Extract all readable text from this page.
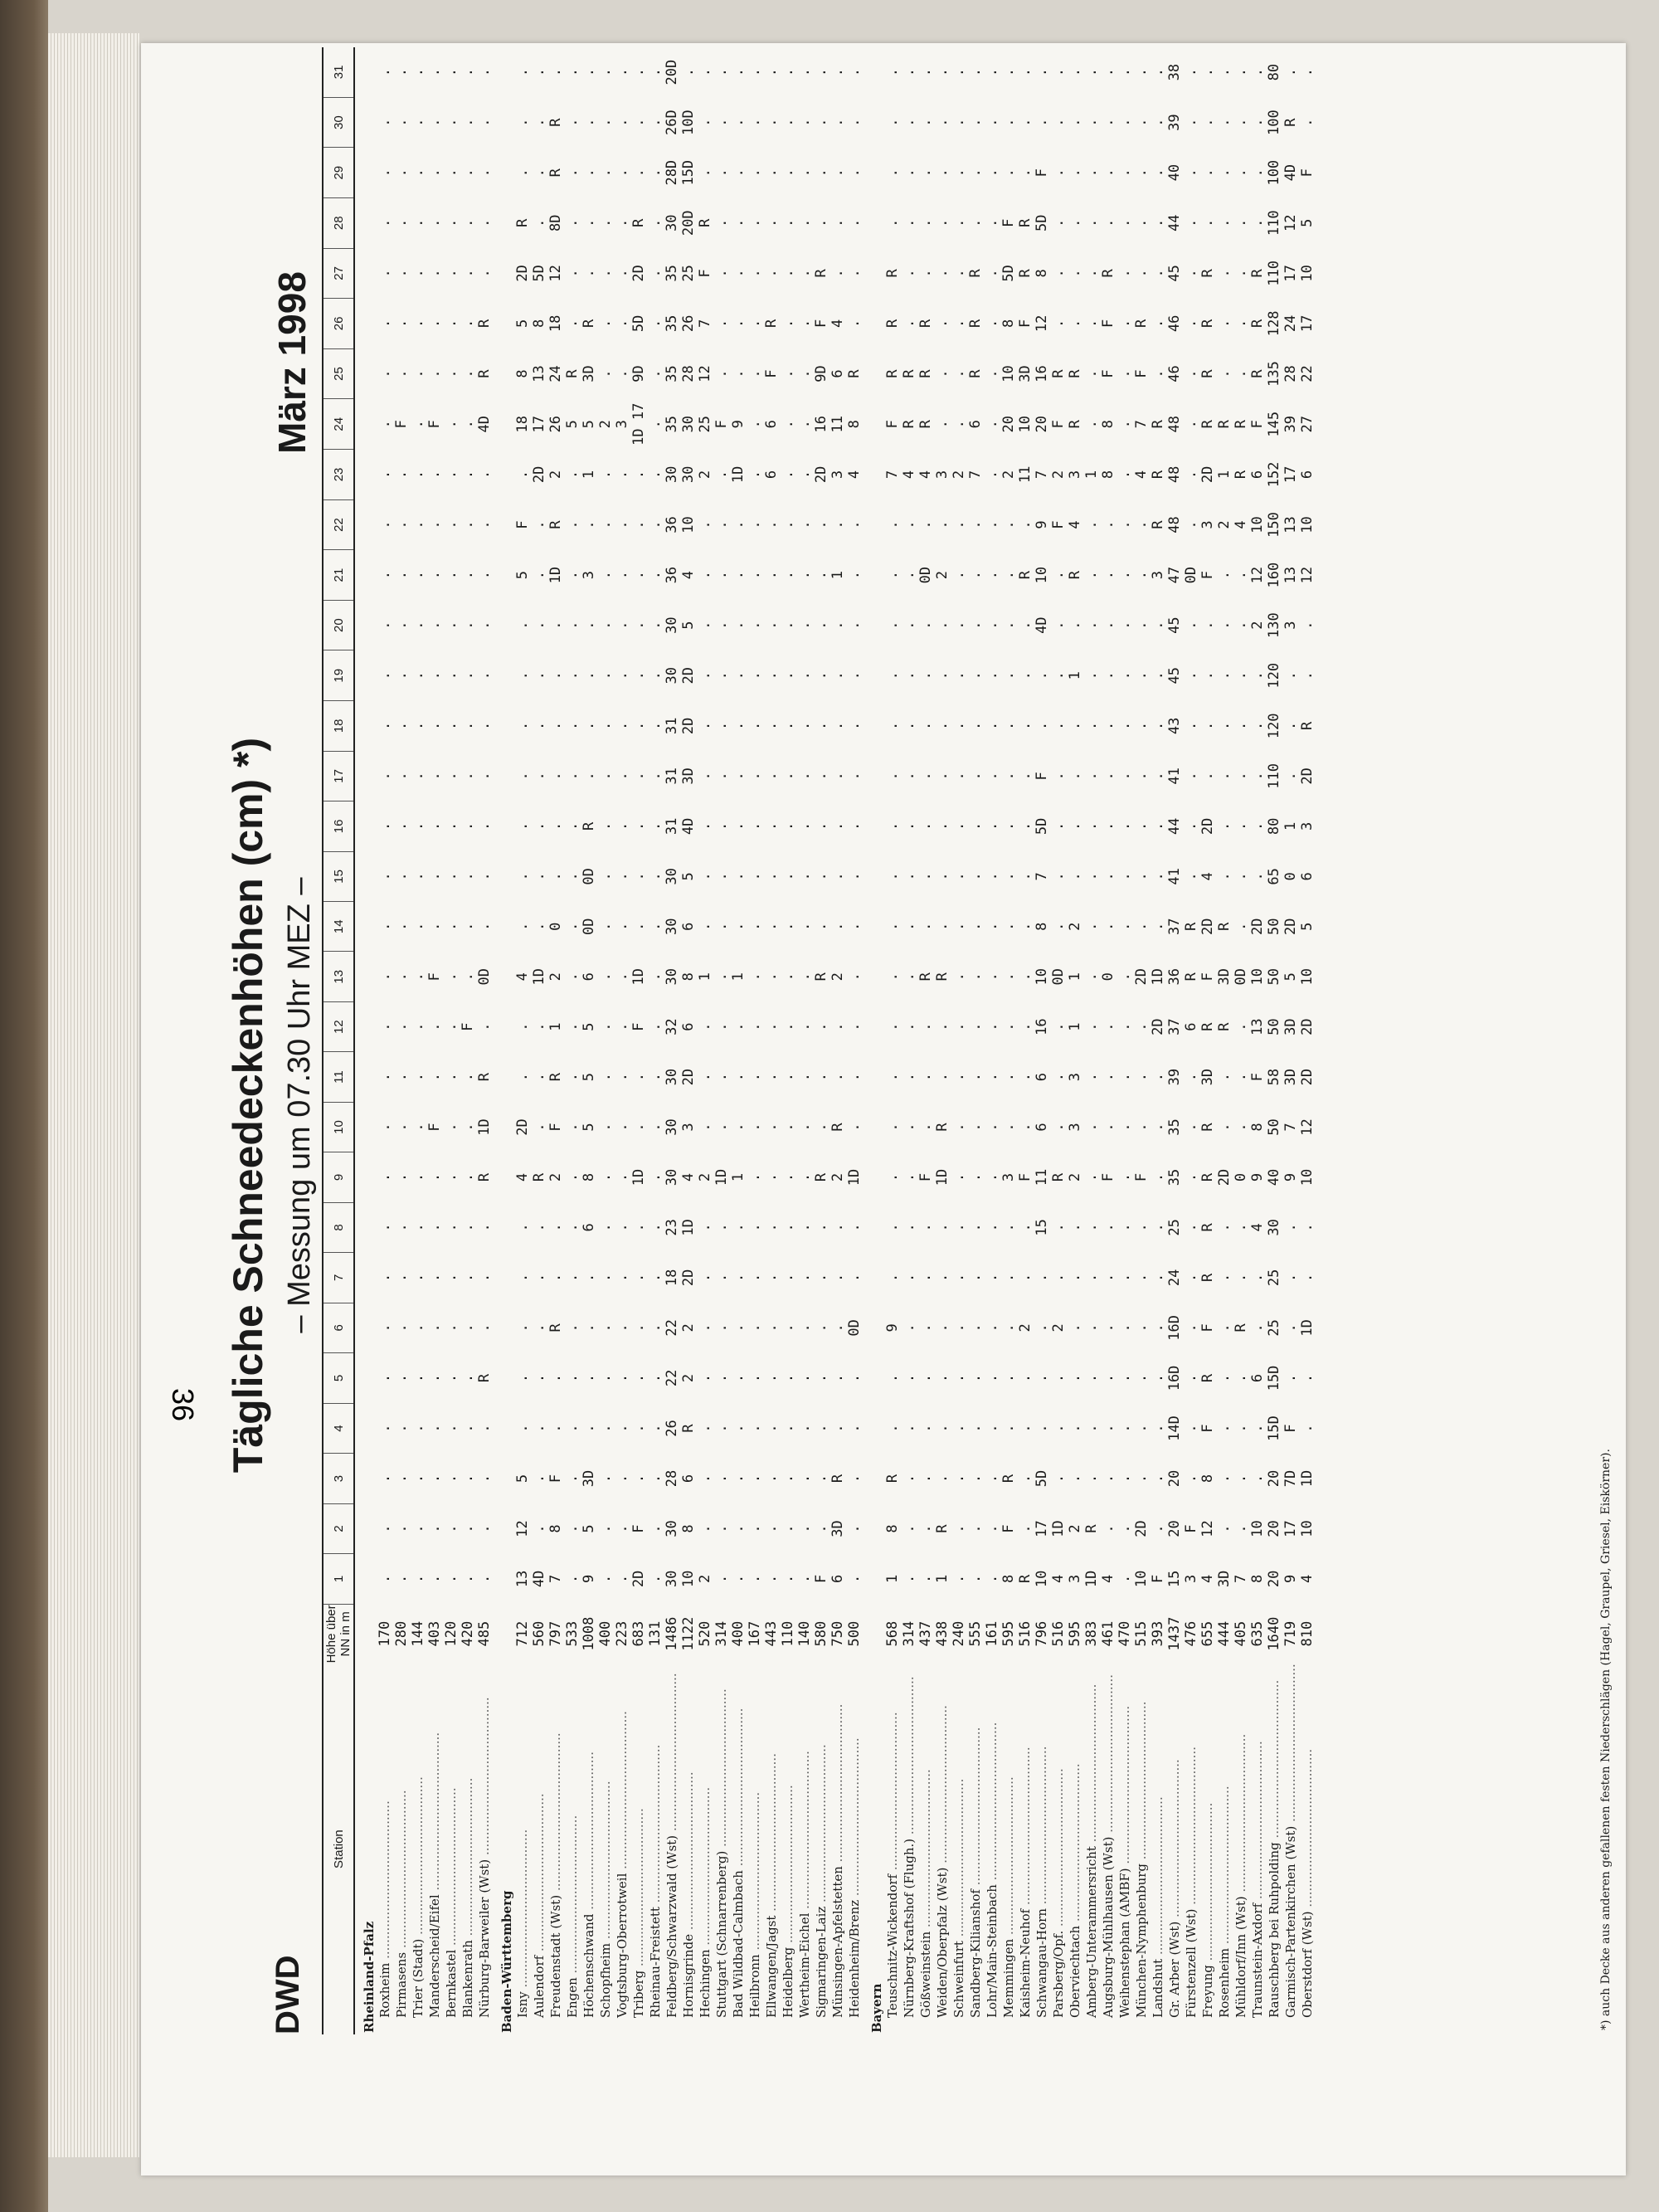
36
DWD
Tägliche Schneedeckenhöhen (cm) *) – Messung um 07.30 Uhr MEZ –
März 1998
Station	Höhe über NN in m	1	2	3	4	5	6	7	8	9	10	11	12	13	14	15	16	17	18	19	20	21	22	23	24	25	26	27	28	29	30	31
Rheinland-Pfalz																																
Roxheim ........................................	170	.	.	.	.	.	.	.	.	.	.	.	.	.	.	.	.	.	.	.	.	.	.	.	.	.	.	.	.	.	.	.
Pirmasens ........................................	280	.	.	.	.	.	.	.	.	.	.	.	.	.	.	.	.	.	.	.	.	.	.	.	F	.	.	.	.	.	.	.
Trier (Stadt) ........................................	144	.	.	.	.	.	.	.	.	.	.	.	.	.	.	.	.	.	.	.	.	.	.	.	.	.	.	.	.	.	.	.
Manderscheid/Eifel ........................................	403	.	.	.	.	.	.	.	.	.	F	.	.	F	.	.	.	.	.	.	.	.	.	.	F	.	.	.	.	.	.	.
Bernkastel ........................................	120	.	.	.	.	.	.	.	.	.	.	.	.	.	.	.	.	.	.	.	.	.	.	.	.	.	.	.	.	.	.	.
Blankenrath ........................................	420	.	.	.	.	.	.	.	.	.	.	.	F	.	.	.	.	.	.	.	.	.	.	.	.	.	.	.	.	.	.	.
Nürburg-Barweiler (Wst) ........................................	485	.	.	.	.	R	.	.	.	R	1D	R	.	0D	.	.	.	.	.	.	.	.	.	.	4D	R	R	.	.	.	.	.
Baden-Württemberg																																
Isny ........................................	712	13	12	5	.	.	.	.	.	4	2D	.	.	4	.	.	.	.	.	.	.	5	F	.	18	8	5	2D	R	.	.	.
Aulendorf ........................................	560	4D	.	.	.	.	.	.	.	R	.	.	.	1D	.	.	.	.	.	.	.	.	.	2D	17	13	8	5D	.	.	.	.
Freudenstadt (Wst) ........................................	797	7	8	F	.	.	R	.	.	2	F	R	1	2	0	.	.	.	.	.	.	1D	R	2	26	24	18	12	8D	R	R	.
Engen ........................................	533	.	.	.	.	.	.	.	.	.	.	.	.	.	.	.	.	.	.	.	.	.	.	.	5	R	.	.	.	.	.	.
Höchenschwand ........................................	1008	9	5	3D	.	.	.	.	6	8	5	5	5	6	0D	0D	R	.	.	.	.	3	.	1	5	3D	R	.	.	.	.	.
Schopfheim ........................................	400	.	.	.	.	.	.	.	.	.	.	.	.	.	.	.	.	.	.	.	.	.	.	.	2	.	.	.	.	.	.	.
Vogtsburg-Oberrotweil ........................................	223	.	.	.	.	.	.	.	.	.	.	.	.	.	.	.	.	.	.	.	.	.	.	.	3	.	.	.	.	.	.	.
Triberg ........................................	683	2D	F	.	.	.	.	.	.	1D	.	.	F	1D	.	.	.	.	.	.	.	.	.	.	1D 17	9D	5D	2D	R	.	.	.
Rheinau-Freistett ........................................	131	.	.	.	.	.	.	.	.	.	.	.	.	.	.	.	.	.	.	.	.	.	.	.	.	.	.	.	.	.	.	.
Feldberg/Schwarzwald (Wst) ........................................	1486	30	30	28	26	22	22	18	23	30	30	30	32	30	30	30	31	31	31	30	30	36	36	30	35	35	35	35	30	28D	26D	20D
Hornisgrinde ........................................	1122	10	8	6	R	2	2	2D	1D	4	3	2D	6	8	6	5	4D	3D	2D	2D	5	4	10	30	30	28	26	25	20D	15D	10D	.
Hechingen ........................................	520	2	.	.	.	.	.	.	.	2	.	.	.	1	.	.	.	.	.	.	.	.	.	2	25	12	7	F	R	.	.	.
Stuttgart (Schnarrenberg) ........................................	314	.	.	.	.	.	.	.	.	1D	.	.	.	.	.	.	.	.	.	.	.	.	.	.	F	.	.	.	.	.	.	.
Bad Wildbad-Calmbach ........................................	400	.	.	.	.	.	.	.	.	1	.	.	.	1	.	.	.	.	.	.	.	.	.	1D	9	.	.	.	.	.	.	.
Heilbronn ........................................	167	.	.	.	.	.	.	.	.	.	.	.	.	.	.	.	.	.	.	.	.	.	.	.	.	.	.	.	.	.	.	.
Ellwangen/Jagst ........................................	443	.	.	.	.	.	.	.	.	.	.	.	.	.	.	.	.	.	.	.	.	.	.	6	6	F	R	.	.	.	.	.
Heidelberg ........................................	110	.	.	.	.	.	.	.	.	.	.	.	.	.	.	.	.	.	.	.	.	.	.	.	.	.	.	.	.	.	.	.
Wertheim-Eichel ........................................	140	.	.	.	.	.	.	.	.	.	.	.	.	.	.	.	.	.	.	.	.	.	.	.	.	.	.	.	.	.	.	.
Sigmaringen-Laiz ........................................	580	F	.	.	.	.	.	.	.	R	.	.	.	R	.	.	.	.	.	.	.	.	.	2D	16	9D	F	R	.	.	.	.
Münsingen-Apfelstetten ........................................	750	6	3D	R	.	.	.	.	.	2	R	.	.	2	.	.	.	.	.	.	.	1	.	3	11	6	4	.	.	.	.	.
Heidenheim/Brenz ........................................	500	.	.	.	.	.	0D	.	.	1D	.	.	.	.	.	.	.	.	.	.	.	.	.	4	8	R	.	.	.	.	.	.
Bayern																																
Teuschnitz-Wickendorf ........................................	568	1	8	R	.	.	9	.	.	.	.	.	.	.	.	.	.	.	.	.	.	.	.	7	F	R	R	R	.	.	.	.
Nürnberg-Kraftshof (Flugh.) ........................................	314	.	.	.	.	.	.	.	.	.	.	.	.	.	.	.	.	.	.	.	.	.	.	4	R	R	.	.	.	.	.	.
Gößweinstein ........................................	437	.	.	.	.	.	.	.	.	F	.	.	.	R	.	.	.	.	.	.	.	0D	.	4	R	R	R	.	.	.	.	.
Weiden/Oberpfalz (Wst) ........................................	438	1	R	.	.	.	.	.	.	1D	R	.	.	R	.	.	.	.	.	.	.	2	.	3	.	.	.	.	.	.	.	.
Schweinfurt ........................................	240	.	.	.	.	.	.	.	.	.	.	.	.	.	.	.	.	.	.	.	.	.	.	2	.	.	.	.	.	.	.	.
Sandberg-Kilianshof ........................................	555	.	.	.	.	.	.	.	.	.	.	.	.	.	.	.	.	.	.	.	.	.	.	7	6	R	R	R	.	.	.	.
Lohr/Main-Steinbach ........................................	161	.	.	.	.	.	.	.	.	.	.	.	.	.	.	.	.	.	.	.	.	.	.	.	.	.	.	.	.	.	.	.
Memmingen ........................................	595	8	F	R	.	.	.	.	.	3	.	.	.	.	.	.	.	.	.	.	.	.	.	2	20	10	8	5D	F	.	.	.
Kaisheim-Neuhof ........................................	516	R	.	.	.	.	2	.	.	F	.	.	.	.	.	.	.	.	.	.	.	R	.	11	10	3D	F	R	R	.	.	.
Schwangau-Horn ........................................	796	10	17	5D	.	.	.	.	15	11	6	6	16	10	8	7	5D	F	.	.	4D	10	9	7	20	16	12	8	5D	F	.	.
Parsberg/Opf. ........................................	516	4	1D	.	.	.	2	.	.	R	.	.	.	0D	.	.	.	.	.	.	.	.	F	2	F	R	.	.	.	.	.	.
Oberviechtach ........................................	595	3	2	.	.	.	.	.	.	2	3	3	1	1	2	.	.	.	.	1	.	R	4	3	R	R	.	.	.	.	.	.
Amberg-Unterammersricht ........................................	383	1D	R	.	.	.	.	.	.	.	.	.	.	.	.	.	.	.	.	.	.	.	.	1	.	.	.	.	.	.	.	.
Augsburg-Mühlhausen (Wst) ........................................	461	4	.	.	.	.	.	.	.	F	.	.	.	0	.	.	.	.	.	.	.	.	.	8	8	F	F	R	.	.	.	.
Weihenstephan (AMBF) ........................................	470	.	.	.	.	.	.	.	.	.	.	.	.	.	.	.	.	.	.	.	.	.	.	.	.	.	.	.	.	.	.	.
München-Nymphenburg ........................................	515	10	2D	.	.	.	.	.	.	F	.	.	.	2D	.	.	.	.	.	.	.	.	.	4	7	F	R	.	.	.	.	.
Landshut ........................................	393	F	.	.	.	.	.	.	.	.	.	.	2D	1D	.	.	.	.	.	.	.	3	R	R	R	.	.	.	.	.	.	.
Gr. Arber (Wst) ........................................	1437	15	20	20	14D	16D	16D	24	25	35	35	39	37	36	37	41	44	41	43	45	45	47	48	48	48	46	46	45	44	40	39	38
Fürstenzell (Wst) ........................................	476	3	F	.	.	.	.	.	.	.	.	.	6	R	R	.	.	.	.	.	.	0D	.	.	.	.	.	.	.	.	.	.
Freyung ........................................	655	4	12	8	F	R	F	R	R	R	R	3D	R	F	2D	4	2D	.	.	.	.	F	3	2D	R	R	R	R	.	.	.	.
Rosenheim ........................................	444	3D	.	.	.	.	.	.	.	2D	.	.	R	3D	R	.	.	.	.	.	.	.	2	1	R	.	.	.	.	.	.	.
Mühldorf/Inn (Wst) ........................................	405	7	.	.	.	.	R	.	.	0	.	.	.	0D	.	.	.	.	.	.	.	.	4	R	R	.	.	.	.	.	.	.
Traunstein-Axdorf ........................................	635	8	10	.	.	6	.	.	4	9	8	F	13	10	2D	.	.	.	.	.	2	12	10	6	F	R	R	R	.	.	.	.
Rauschberg bei Ruhpolding ........................................	1640	20	20	20	15D	15D	25	25	30	40	50	58	50	50	50	65	80	110	120	120	130	160	150	152	145	135	128	110	110	100	100	80
Garmisch-Partenkirchen (Wst) ........................................	719	9	17	7D	F	.	.	.	.	9	7	3D	3D	5	2D	0	1	.	.	.	3	13	13	17	39	28	24	17	12	4D	R	.
Oberstdorf (Wst) ........................................	810	4	10	1D	.	.	1D	.	.	10	12	2D	2D	10	5	6	3	2D	R	.	.	12	10	6	27	22	17	10	5	F	.	.
*) auch Decke aus anderen gefallenen festen Niederschlägen (Hagel, Graupel, Griesel, Eiskörner).
